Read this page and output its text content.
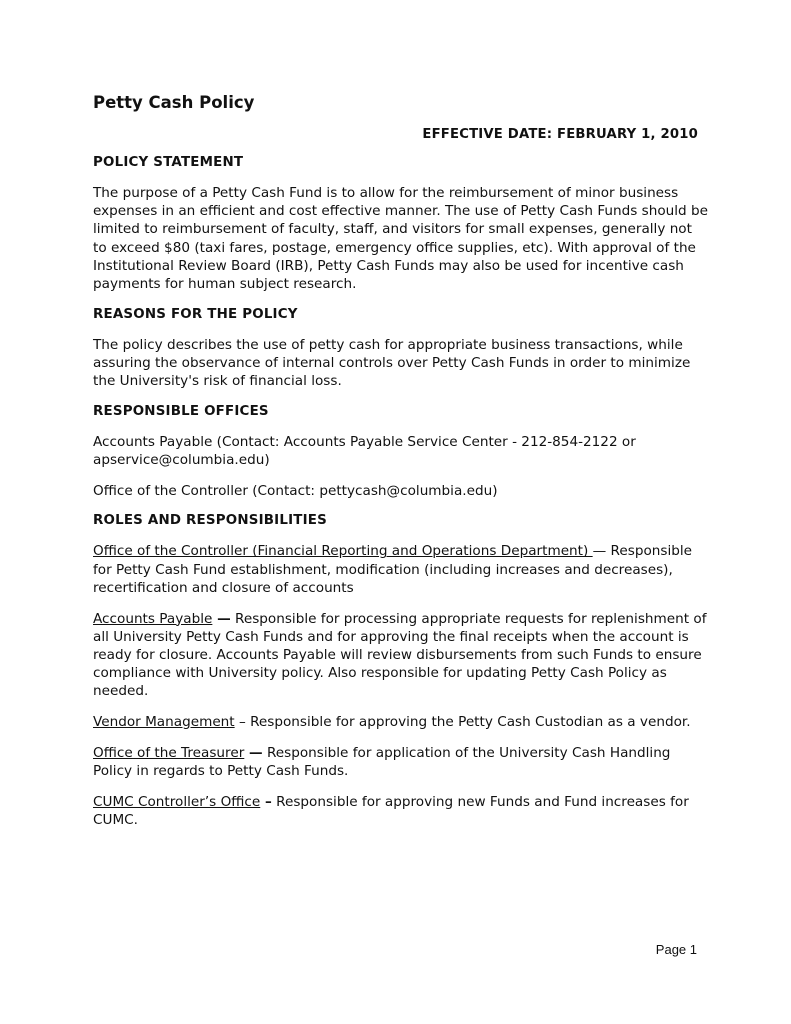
Petty Cash Policy
EFFECTIVE DATE: FEBRUARY 1, 2010
POLICY STATEMENT

The purpose of a Petty Cash Fund is to allow for the reimbursement of minor business expenses in an efficient and cost effective manner. The use of Petty Cash Funds should be limited to reimbursement of faculty, staff, and visitors for small expenses, generally not to exceed $80 (taxi fares, postage, emergency office supplies, etc). With approval of the Institutional Review Board (IRB), Petty Cash Funds may also be used for incentive cash payments for human subject research.

REASONS FOR THE POLICY

The policy describes the use of petty cash for appropriate business transactions, while assuring the observance of internal controls over Petty Cash Funds in order to minimize the University's risk of financial loss.

RESPONSIBLE OFFICES

Accounts Payable (Contact: Accounts Payable Service Center - 212-854-2122 or apservice@columbia.edu)

Office of the Controller (Contact: pettycash@columbia.edu)

ROLES AND RESPONSIBILITIES

Office of the Controller (Financial Reporting and Operations Department) — Responsible for Petty Cash Fund establishment, modification (including increases and decreases), recertification and closure of accounts

Accounts Payable — Responsible for processing appropriate requests for replenishment of all University Petty Cash Funds and for approving the final receipts when the account is ready for closure. Accounts Payable will review disbursements from such Funds to ensure compliance with University policy. Also responsible for updating Petty Cash Policy as needed.

Vendor Management – Responsible for approving the Petty Cash Custodian as a vendor.

Office of the Treasurer — Responsible for application of the University Cash Handling Policy in regards to Petty Cash Funds.

CUMC Controller’s Office – Responsible for approving new Funds and Fund increases for CUMC.

Page 1
